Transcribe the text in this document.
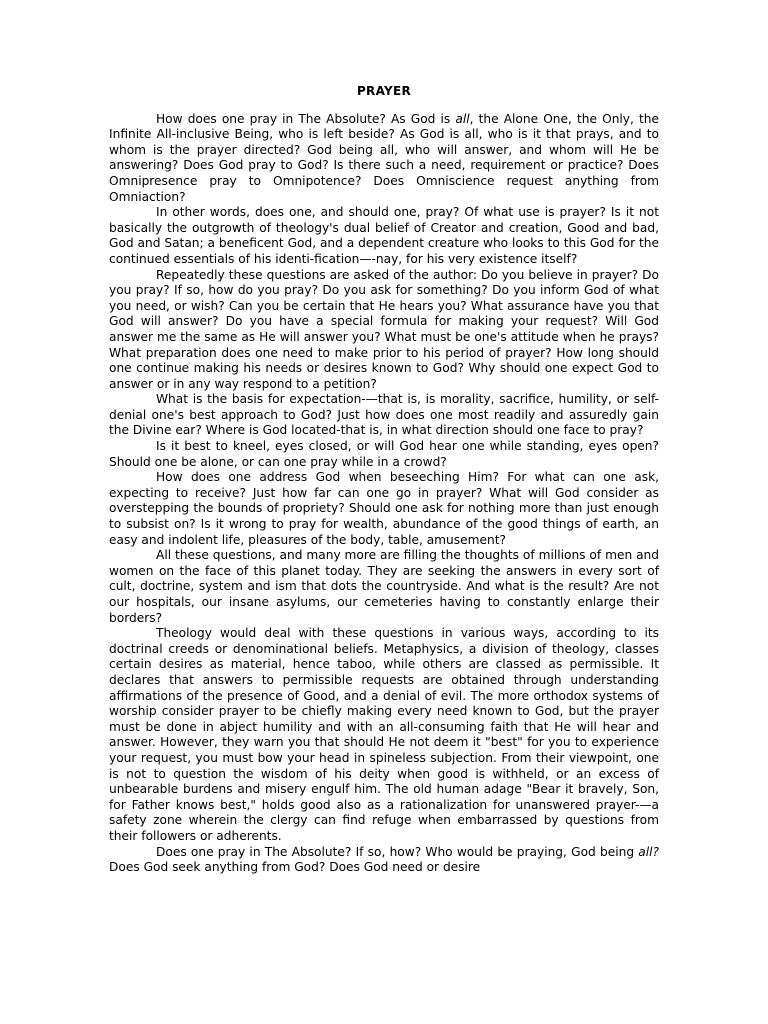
PRAYER

How does one pray in The Absolute? As God is all, the Alone One, the Only, the Infinite All-inclusive Being, who is left beside? As God is all, who is it that prays, and to whom is the prayer directed? God being all, who will answer, and whom will He be answering? Does God pray to God? Is there such a need, requirement or practice? Does Omnipresence pray to Omnipotence? Does Omniscience request anything from Omniaction?

In other words, does one, and should one, pray? Of what use is prayer? Is it not basically the outgrowth of theology's dual belief of Creator and creation, Good and bad, God and Satan; a beneficent God, and a dependent creature who looks to this God for the continued essentials of his identi-fication—-nay, for his very existence itself?

Repeatedly these questions are asked of the author: Do you believe in prayer? Do you pray? If so, how do you pray? Do you ask for something? Do you inform God of what you need, or wish? Can you be certain that He hears you? What assurance have you that God will answer? Do you have a special formula for making your request? Will God answer me the same as He will answer you? What must be one's attitude when he prays? What preparation does one need to make prior to his period of prayer? How long should one continue making his needs or desires known to God? Why should one expect God to answer or in any way respond to a petition?

What is the basis for expectation-—that is, is morality, sacrifice, humility, or self-denial one's best approach to God? Just how does one most readily and assuredly gain the Divine ear? Where is God located-that is, in what direction should one face to pray?

Is it best to kneel, eyes closed, or will God hear one while standing, eyes open? Should one be alone, or can one pray while in a crowd?

How does one address God when beseeching Him? For what can one ask, expecting to receive? Just how far can one go in prayer? What will God consider as overstepping the bounds of propriety? Should one ask for nothing more than just enough to subsist on? Is it wrong to pray for wealth, abundance of the good things of earth, an easy and indolent life, pleasures of the body, table, amusement?

All these questions, and many more are filling the thoughts of millions of men and women on the face of this planet today. They are seeking the answers in every sort of cult, doctrine, system and ism that dots the countryside. And what is the result? Are not our hospitals, our insane asylums, our cemeteries having to constantly enlarge their borders?

Theology would deal with these questions in various ways, according to its doctrinal creeds or denominational beliefs. Metaphysics, a division of theology, classes certain desires as material, hence taboo, while others are classed as permissible. It declares that answers to permissible requests are obtained through understanding affirmations of the presence of Good, and a denial of evil. The more orthodox systems of worship consider prayer to be chiefly making every need known to God, but the prayer must be done in abject humility and with an all-consuming faith that He will hear and answer. However, they warn you that should He not deem it "best" for you to experience your request, you must bow your head in spineless subjection. From their viewpoint, one is not to question the wisdom of his deity when good is withheld, or an excess of unbearable burdens and misery engulf him. The old human adage "Bear it bravely, Son, for Father knows best," holds good also as a rationalization for unanswered prayer-—a safety zone wherein the clergy can find refuge when embarrassed by questions from their followers or adherents.

Does one pray in The Absolute? If so, how? Who would be praying, God being all? Does God seek anything from God? Does God need or desire
